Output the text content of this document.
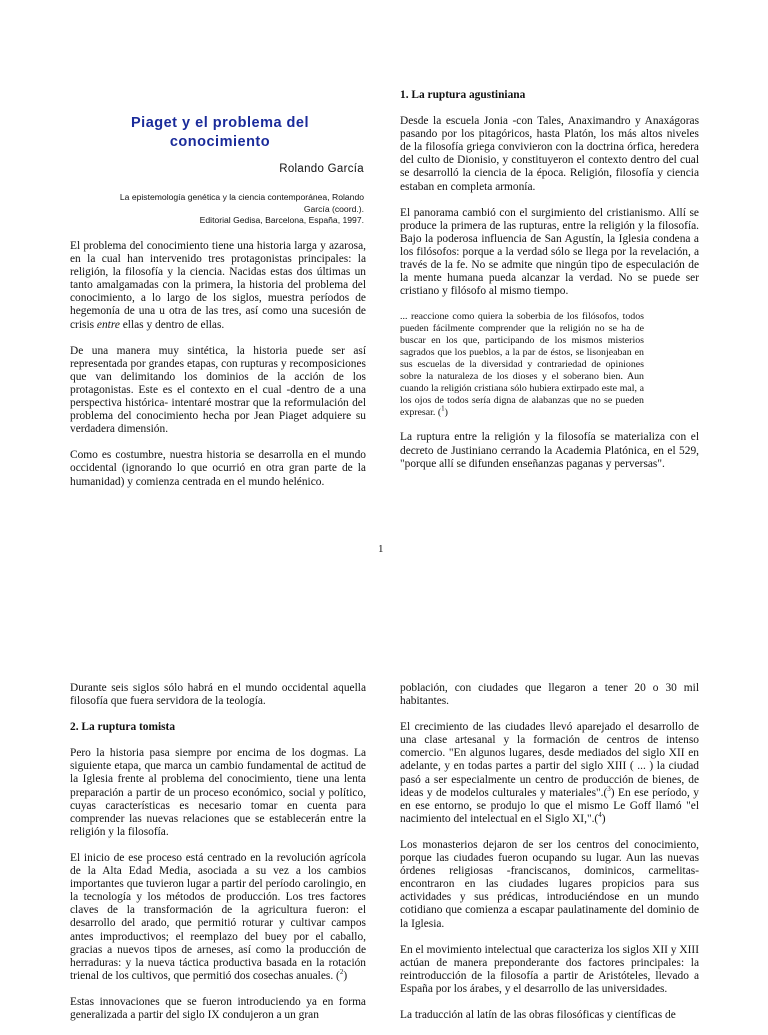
Piaget y el problema del
conocimiento
Rolando García
La epistemología genética y la ciencia contemporánea, Rolando
García (coord.).
Editorial Gedisa, Barcelona, España, 1997.

El problema del conocimiento tiene una historia larga y azarosa, en la cual han intervenido tres protagonistas principales: la religión, la filosofía y la ciencia. Nacidas estas dos últimas un tanto amalgamadas con la primera, la historia del problema del conocimiento, a lo largo de los siglos, muestra períodos de hegemonía de una u otra de las tres, así como una sucesión de crisis entre ellas y dentro de ellas.

De una manera muy sintética, la historia puede ser así representada por grandes etapas, con rupturas y recomposiciones que van delimitando los dominios de la acción de los protagonistas. Este es el contexto en el cual -dentro de a una perspectiva histórica- intentaré mostrar que la reformulación del problema del conocimiento hecha por Jean Piaget adquiere su verdadera dimensión.

Como es costumbre, nuestra historia se desarrolla en el mundo occidental (ignorando lo que ocurrió en otra gran parte de la humanidad) y comienza centrada en el mundo helénico.

1. La ruptura agustiniana

Desde la escuela Jonia -con Tales, Anaximandro y Anaxágoras pasando por los pitagóricos, hasta Platón, los más altos niveles de la filosofía griega convivieron con la doctrina órfica, heredera del culto de Dionisio, y constituyeron el contexto dentro del cual se desarrolló la ciencia de la época. Religión, filosofía y ciencia estaban en completa armonía.

El panorama cambió con el surgimiento del cristianismo. Allí se produce la primera de las rupturas, entre la religión y la filosofía. Bajo la poderosa influencia de San Agustín, la Iglesia condena a los filósofos: porque a la verdad sólo se llega por la revelación, a través de la fe. No se admite que ningún tipo de especulación de la mente humana pueda alcanzar la verdad. No se puede ser cristiano y filósofo al mismo tiempo.

... reaccione como quiera la soberbia de los filósofos, todos pueden fácilmente comprender que la religión no se ha de buscar en los que, participando de los mismos misterios sagrados que los pueblos, a la par de éstos, se lisonjeaban en sus escuelas de la diversidad y contrariedad de opiniones sobre la naturaleza de los dioses y el soberano bien. Aun cuando la religión cristiana sólo hubiera extirpado este mal, a los ojos de todos sería digna de alabanzas que no se pueden expresar. ($^1$)

La ruptura entre la religión y la filosofía se materializa con el decreto de Justiniano cerrando la Academia Platónica, en el 529, "porque allí se difunden enseñanzas paganas y perversas".

1

Durante seis siglos sólo habrá en el mundo occidental aquella filosofía que fuera servidora de la teología.

2. La ruptura tomista

Pero la historia pasa siempre por encima de los dogmas. La siguiente etapa, que marca un cambio fundamental de actitud de la Iglesia frente al problema del conocimiento, tiene una lenta preparación a partir de un proceso económico, social y político, cuyas características es necesario tomar en cuenta para comprender las nuevas relaciones que se establecerán entre la religión y la filosofía.

El inicio de ese proceso está centrado en la revolución agrícola de la Alta Edad Media, asociada a su vez a los cambios importantes que tuvieron lugar a partir del período carolingio, en la tecnología y los métodos de producción. Los tres factores claves de la transformación de la agricultura fueron: el desarrollo del arado, que permitió roturar y cultivar campos antes improductivos; el reemplazo del buey por el caballo, gracias a nuevos tipos de arneses, así como la producción de herraduras: y la nueva táctica productiva basada en la rotación trienal de los cultivos, que permitió dos cosechas anuales. ($^2$)

Estas innovaciones que se fueron introduciendo ya en forma generalizada a partir del siglo IX condujeron a un gran

población, con ciudades que llegaron a tener 20 o 30 mil habitantes.

El crecimiento de las ciudades llevó aparejado el desarrollo de una clase artesanal y la formación de centros de intenso comercio. "En algunos lugares, desde mediados del siglo XII en adelante, y en todas partes a partir del siglo XIII ( ... ) la ciudad pasó a ser especialmente un centro de producción de bienes, de ideas y de modelos culturales y materiales".($^3$) En ese período, y en ese entorno, se produjo lo que el mismo Le Goff llamó "el nacimiento del intelectual en el Siglo XI,".($^4$)

Los monasterios dejaron de ser los centros del conocimiento, porque las ciudades fueron ocupando su lugar. Aun las nuevas órdenes religiosas -franciscanos, dominicos, carmelitas- encontraron en las ciudades lugares propicios para sus actividades y sus prédicas, introduciéndose en un mundo cotidiano que comienza a escapar paulatinamente del dominio de la Iglesia.

En el movimiento intelectual que caracteriza los siglos XII y XIII actúan de manera preponderante dos factores principales: la reintroducción de la filosofía a partir de Aristóteles, llevado a España por los árabes, y el desarrollo de las universidades.

La traducción al latín de las obras filosóficas y científicas de
